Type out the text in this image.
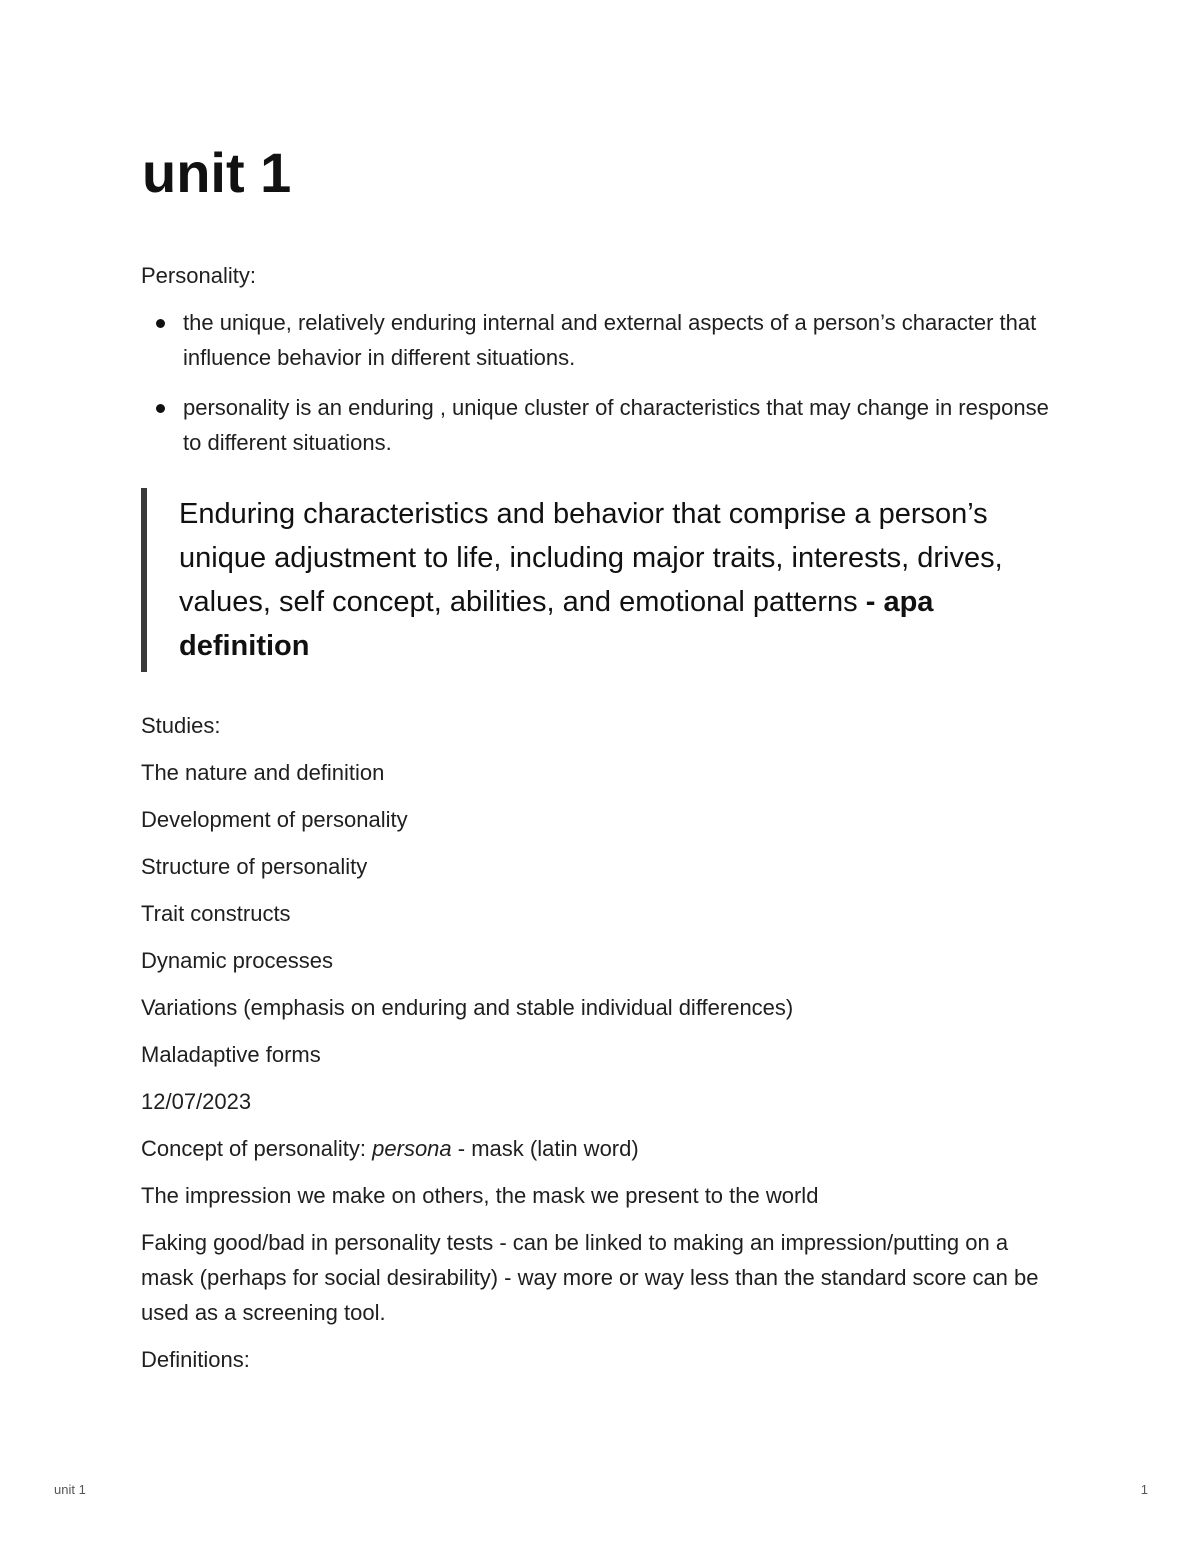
unit 1

Personality:

the unique, relatively enduring internal and external aspects of a person’s character that influence behavior in different situations.
personality is an enduring , unique cluster of characteristics that may change in response to different situations.
Enduring characteristics and behavior that comprise a person’s unique adjustment to life, including major traits, interests, drives, values, self concept, abilities, and emotional patterns - apa definition

Studies:

The nature and definition

Development of personality

Structure of personality

Trait constructs

Dynamic processes

Variations (emphasis on enduring and stable individual differences)

Maladaptive forms

12/07/2023

Concept of personality: persona - mask (latin word)

The impression we make on others, the mask we present to the world

Faking good/bad in personality tests - can be linked to making an impression/putting on a mask (perhaps for social desirability) - way more or way less than the standard score can be used as a screening tool.

Definitions:

unit 1	1
